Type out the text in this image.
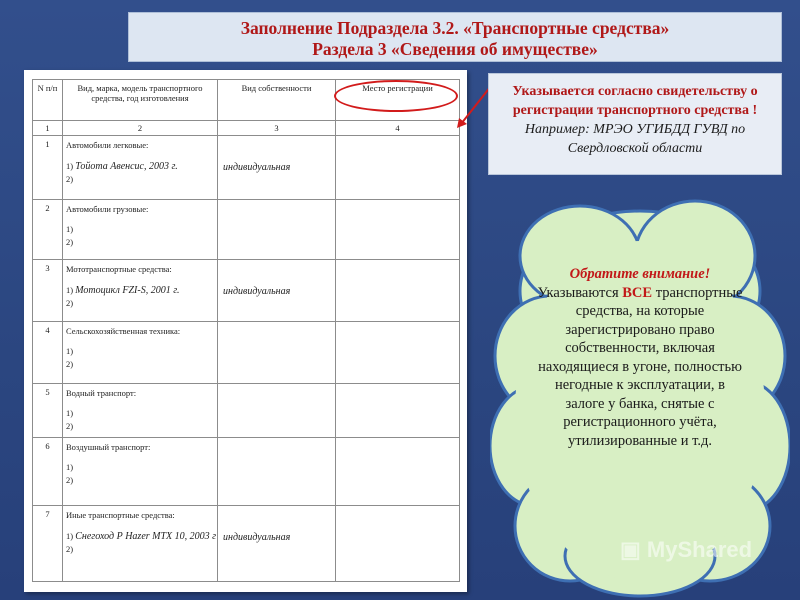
Заполнение Подраздела 3.2. «Транспортные средства»
Раздела 3 «Сведения об имуществе»
N п/п	Вид, марка, модель транспортного средства, год изготовления	Вид собственности	Место регистрации
1	2	3	4
1	Автомобили легковые:
1) Тойота Авенсис, 2003 г.
2)	индивидуальная	

2	Автомобили грузовые:
1)
2)		

3	Мототранспортные средства:
1) Мотоцикл FZI-S, 2001 г.
2)	индивидуальная	

4	Сельскохозяйственная техника:
1)
2)		

5	Водный транспорт:
1)
2)		

6	Воздушный транспорт:
1)
2)		

7	Иные транспортные средства:
1) Снегоход Р Hazer MTX 10, 2003 г
2)	индивидуальная	

Указывается согласно свидетельству о регистрации транспортного средства !
Например: МРЭО УГИБДД ГУВД по Свердловской области
Обратите внимание!
Указываются ВСЕ транспортные средства, на которые зарегистрировано право собственности, включая находящиеся в угоне, полностью негодные к эксплуатации, в залоге у банка, снятые с регистрационного учёта, утилизированные и т.д.
▣ MyShared
